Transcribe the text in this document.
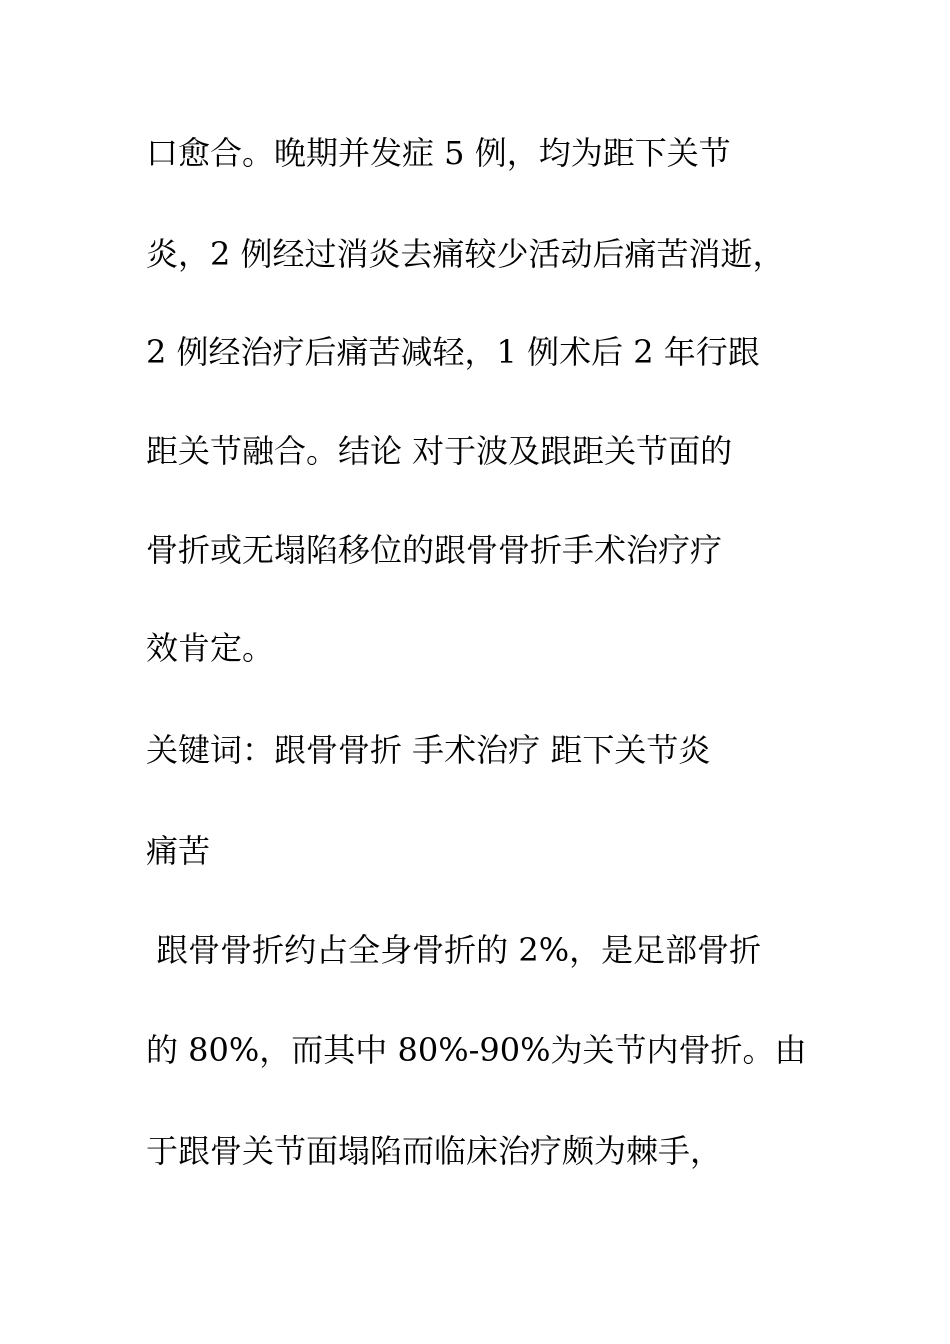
口愈合。晚期并发症 5 例，均为距下关节

炎，2 例经过消炎去痛较少活动后痛苦消逝，

2 例经治疗后痛苦减轻，1 例术后 2 年行跟

距关节融合。结论 对于波及跟距关节面的

骨折或无塌陷移位的跟骨骨折手术治疗疗

效肯定。

关键词：跟骨骨折 手术治疗 距下关节炎

痛苦

跟骨骨折约占全身骨折的 2%，是足部骨折

的 80%，而其中 80%-90%为关节内骨折。由

于跟骨关节面塌陷而临床治疗颇为棘手，
